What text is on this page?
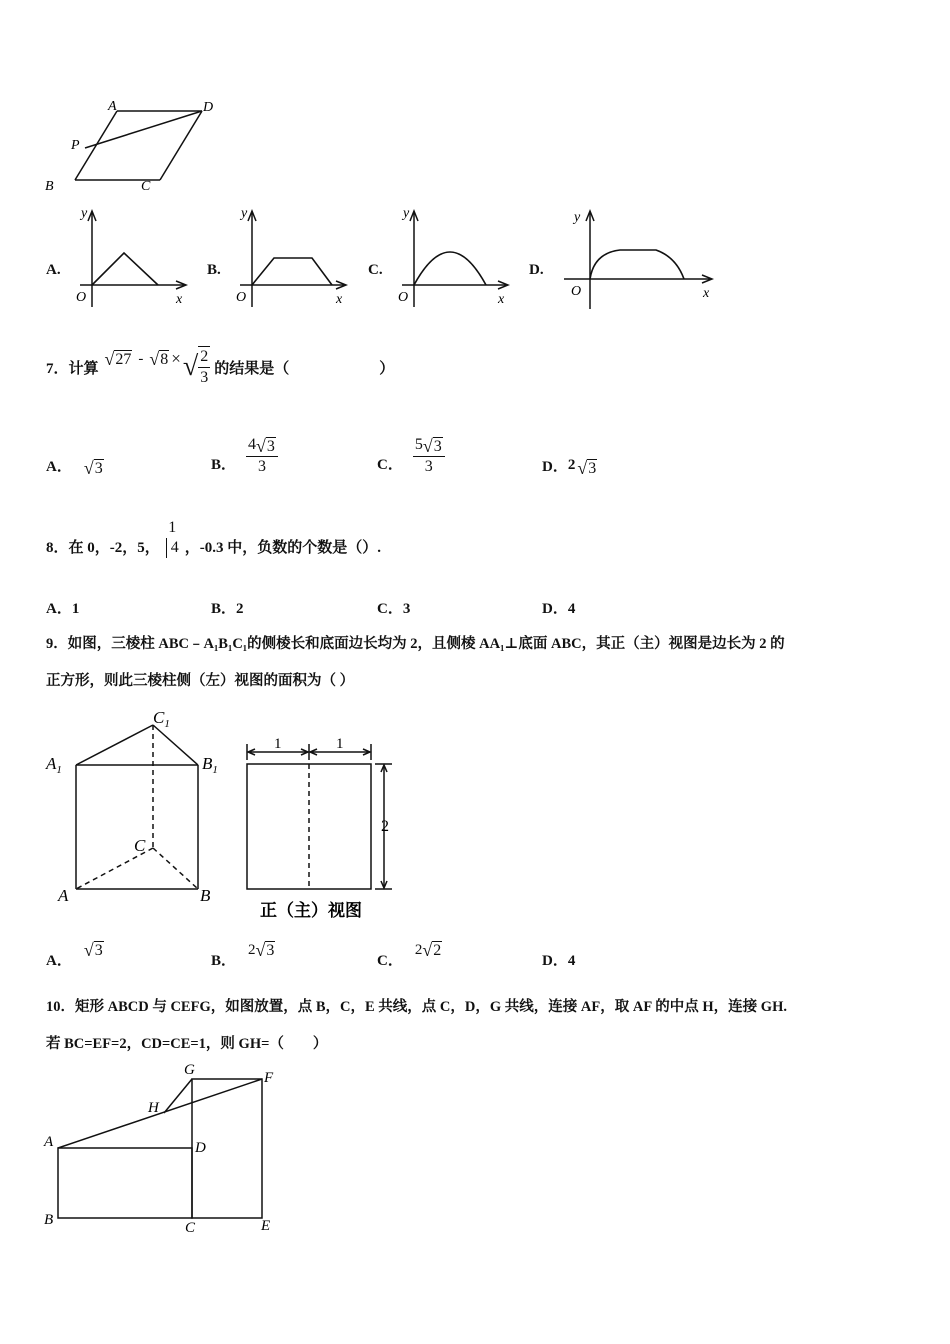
A	D
P
B	C
A.
y
x
O
B.
y
x
O
C.
y
x
O
D.
y
x
O
7．计算 √ 27 - √ 8 × √ $\frac{2}{3}$ 的结果是（　　　　　　）
A． √ 3	B． $\frac{4 √ 3}{3}$	C． $\frac{5 √ 3}{3}$	D． 2 √ 3
8．在 0，-2，5，
1
4 ，-0.3 中，负数的个数是（）.
A．1	B．2	C．3	D．4
9．如图，三棱柱 ABC﹣A₁B₁C₁的侧棱长和底面边长均为 2，且侧棱 AA₁⊥底面 ABC，其正（主）视图是边长为 2 的
正方形，则此三棱柱侧（左）视图的面积为（ ）
$C_1$
$A_1$	$B_1$
C
A	B
1	1
2
正（主）视图
A．
√ 3
B．
2 √ 3
C．
2 √ 2
D．4
10．矩形 ABCD 与 CEFG，如图放置，点 B，C，E 共线，点 C，D，G 共线，连接 AF，取 AF 的中点 H，连接 GH.
若 BC=EF=2，CD=CE=1，则 GH=（　　）
G	F
H
A	D
B	C	E
